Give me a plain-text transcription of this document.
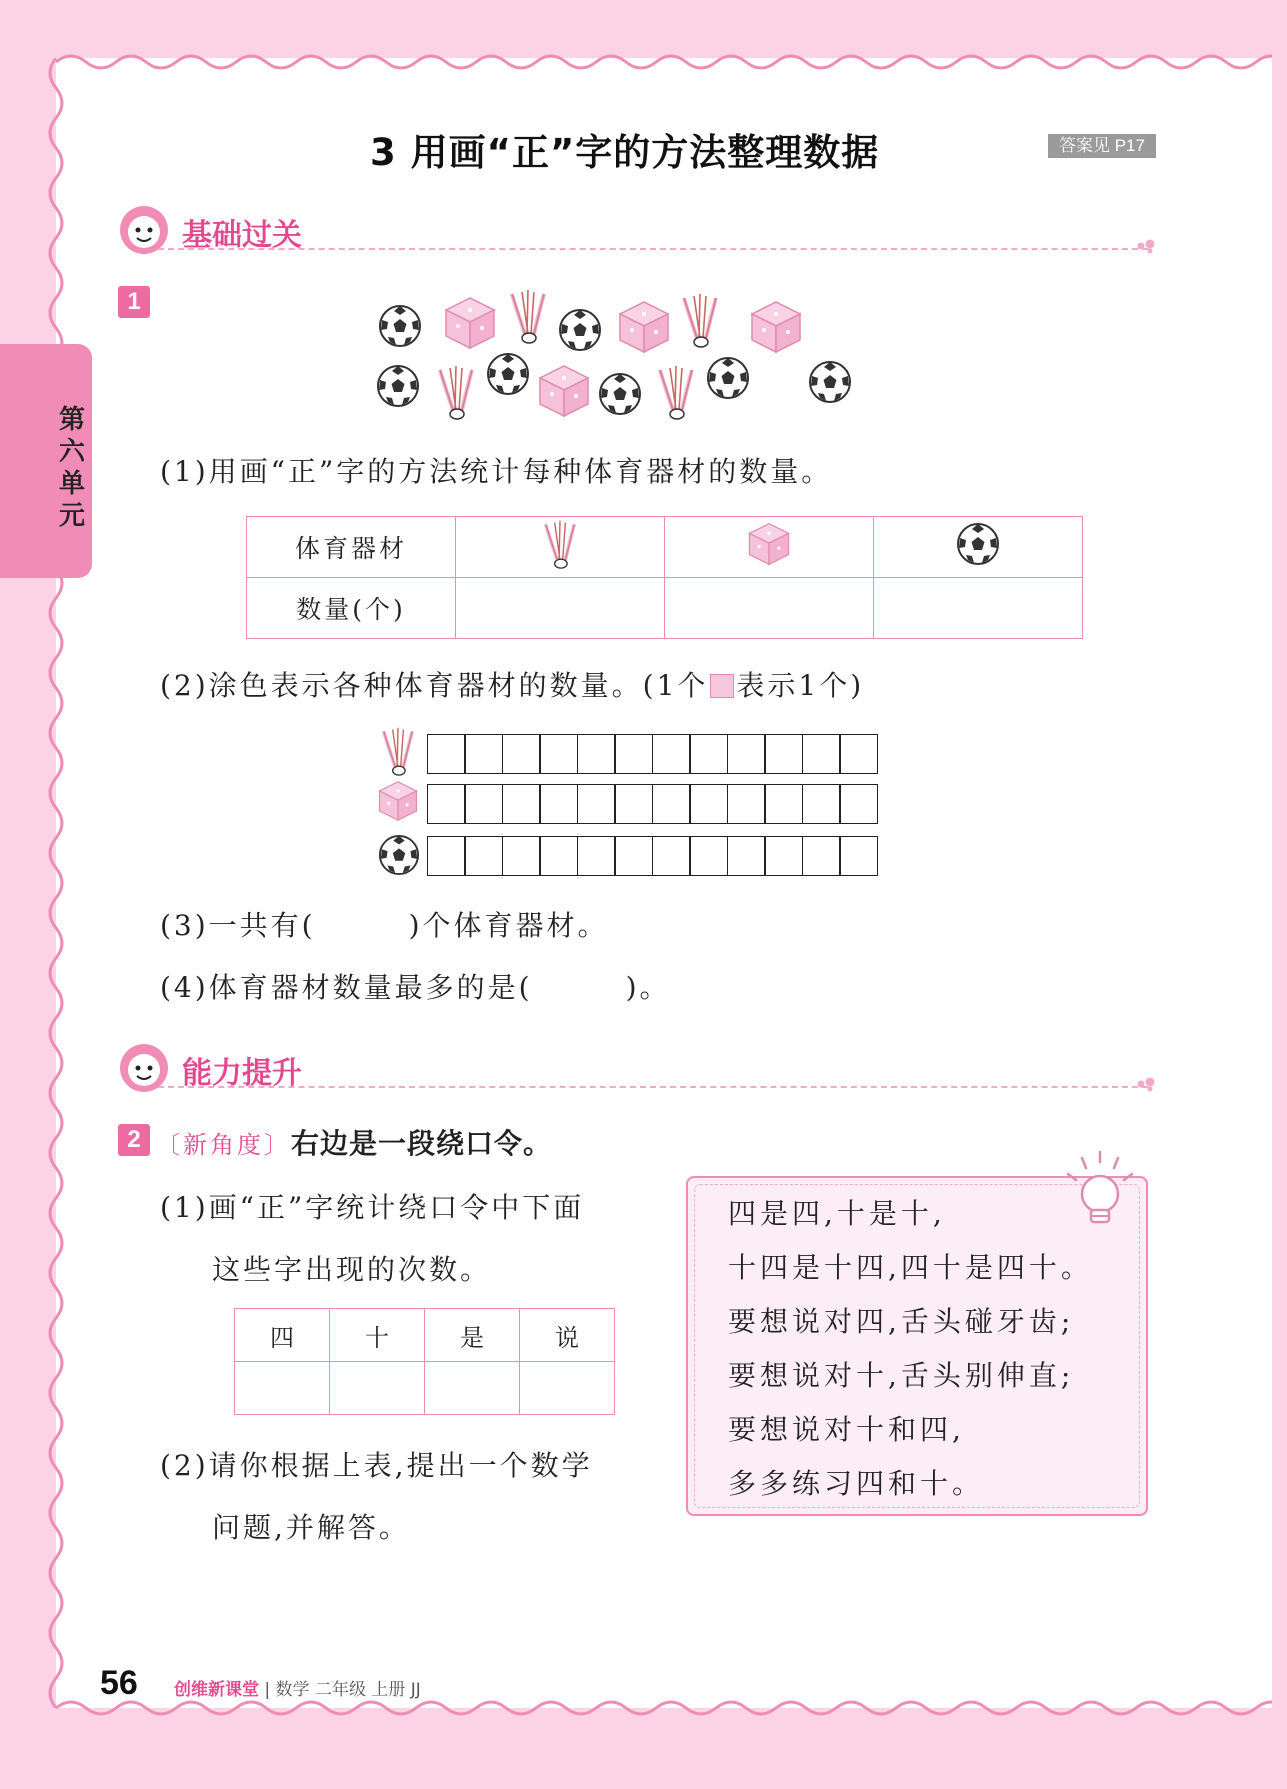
第六单元
3 用画“正”字的方法整理数据	答案见 P17
基础过关
1
(1)用画“正”字的方法统计每种体育器材的数量。
体育器材			
数量(个)			
(2)涂色表示各种体育器材的数量。(1个 表示1个)
(3)一共有(　　　)个体育器材。
(4)体育器材数量最多的是(　　　)。
能力提升
2 〔新角度〕右边是一段绕口令。
(1)画“正”字统计绕口令中下面
这些字出现的次数。
四	十	是	说

(2)请你根据上表,提出一个数学
问题,并解答。
四是四,十是十,
十四是十四,四十是四十。
要想说对四,舌头碰牙齿;
要想说对十,舌头别伸直;
要想说对十和四,
多多练习四和十。
56 创维新课堂 | 数学 二年级 上册 JJ
